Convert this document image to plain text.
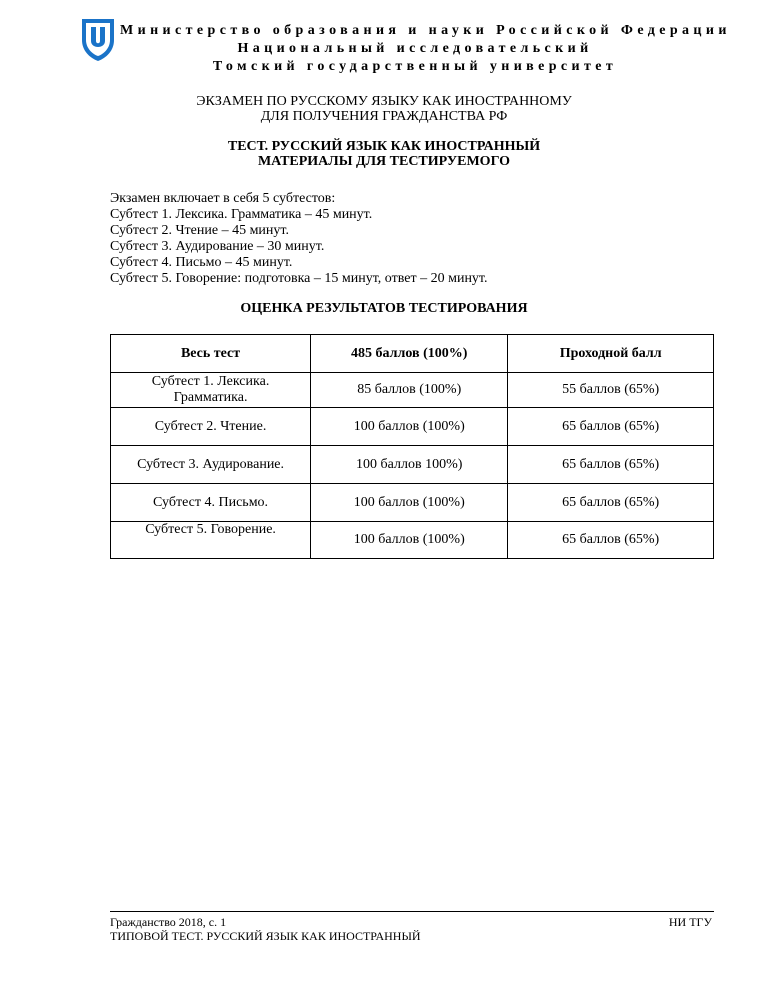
Министерство образования и науки Российской Федерации
Национальный исследовательский
Томский государственный университет
ЭКЗАМЕН ПО РУССКОМУ ЯЗЫКУ КАК ИНОСТРАННОМУ
ДЛЯ ПОЛУЧЕНИЯ ГРАЖДАНСТВА РФ
ТЕСТ. РУССКИЙ ЯЗЫК КАК ИНОСТРАННЫЙ
МАТЕРИАЛЫ ДЛЯ ТЕСТИРУЕМОГО
Экзамен включает в себя 5 субтестов:
Субтест 1. Лексика. Грамматика – 45 минут.
Субтест 2. Чтение – 45 минут.
Субтест 3. Аудирование – 30 минут.
Субтест 4. Письмо – 45 минут.
Субтест 5. Говорение: подготовка – 15 минут, ответ – 20 минут.
ОЦЕНКА РЕЗУЛЬТАТОВ ТЕСТИРОВАНИЯ
Весь тест	485 баллов (100%)	Проходной балл
Субтест 1. Лексика. Грамматика.	85 баллов (100%)	55 баллов (65%)
Субтест 2. Чтение.	100 баллов (100%)	65 баллов (65%)
Субтест 3. Аудирование.	100 баллов 100%)	65 баллов (65%)
Субтест 4. Письмо.	100 баллов (100%)	65 баллов (65%)
Субтест 5. Говорение.	100 баллов (100%)	65 баллов (65%)
Гражданство 2018, с. 1
ТИПОВОЙ ТЕСТ. РУССКИЙ ЯЗЫК КАК ИНОСТРАННЫЙ
НИ ТГУ
